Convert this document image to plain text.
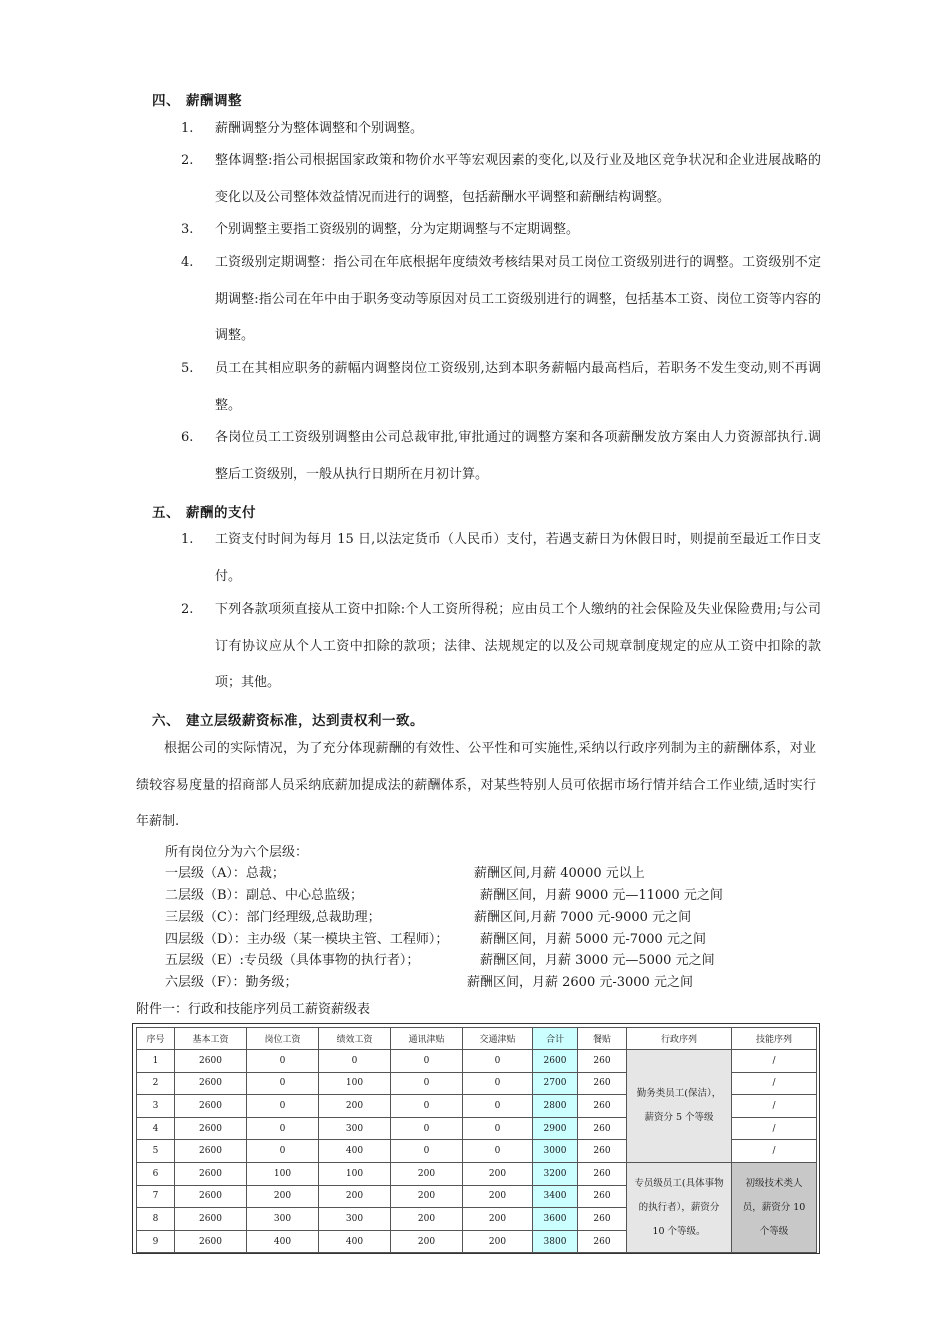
四、 薪酬调整
1. 薪酬调整分为整体调整和个别调整。
2. 整体调整:指公司根据国家政策和物价水平等宏观因素的变化,以及行业及地区竞争状况和企业进展战略的变化以及公司整体效益情况而进行的调整，包括薪酬水平调整和薪酬结构调整。
3. 个别调整主要指工资级别的调整，分为定期调整与不定期调整。
4. 工资级别定期调整：指公司在年底根据年度绩效考核结果对员工岗位工资级别进行的调整。工资级别不定期调整:指公司在年中由于职务变动等原因对员工工资级别进行的调整，包括基本工资、岗位工资等内容的调整。
5. 员工在其相应职务的薪幅内调整岗位工资级别,达到本职务薪幅内最高档后，若职务不发生变动,则不再调整。
6. 各岗位员工工资级别调整由公司总裁审批,审批通过的调整方案和各项薪酬发放方案由人力资源部执行.调整后工资级别，一般从执行日期所在月初计算。
五、 薪酬的支付
1. 工资支付时间为每月 15 日,以法定货币（人民币）支付，若遇支薪日为休假日时，则提前至最近工作日支付。
2. 下列各款项须直接从工资中扣除:个人工资所得税；应由员工个人缴纳的社会保险及失业保险费用;与公司订有协议应从个人工资中扣除的款项；法律、法规规定的以及公司规章制度规定的应从工资中扣除的款项；其他。
六、 建立层级薪资标准，达到责权利一致。
根据公司的实际情况，为了充分体现薪酬的有效性、公平性和可实施性,采纳以行政序列制为主的薪酬体系，对业绩较容易度量的招商部人员采纳底薪加提成法的薪酬体系，对某些特别人员可依据市场行情并结合工作业绩,适时实行年薪制.
所有岗位分为六个层级：
一层级（A）：总裁；	薪酬区间,月薪 40000 元以上
二层级（B）：副总、中心总监级；	薪酬区间，月薪 9000 元—11000 元之间
三层级（C）：部门经理级,总裁助理；	薪酬区间,月薪 7000 元-9000 元之间
四层级（D）：主办级（某一模块主管、工程师）； 薪酬区间，月薪 5000 元-7000 元之间
五层级（E）:专员级（具体事物的执行者）；	薪酬区间，月薪 3000 元—5000 元之间
六层级（F）：勤务级；	薪酬区间，月薪 2600 元-3000 元之间
附件一：行政和技能序列员工薪资薪级表
序号	基本工资	岗位工资	绩效工资	通讯津贴	交通津贴	合计	餐贴	行政序列	技能序列
1	2600	0	0	0	0	2600	260	勤务类员工(保洁），薪资分 5 个等级	/
2	2600	0	100	0	0	2700	260		/
3	2600	0	200	0	0	2800	260		/
4	2600	0	300	0	0	2900	260		/
5	2600	0	400	0	0	3000	260		/
6	2600	100	100	200	200	3200	260	专员级员工(具体事物的执行者），薪资分 10 个等级。	初级技术类人员，薪资分 10 个等级
7	2600	200	200	200	200	3400	260		
8	2600	300	300	200	200	3600	260		
9	2600	400	400	200	200	3800	260		
